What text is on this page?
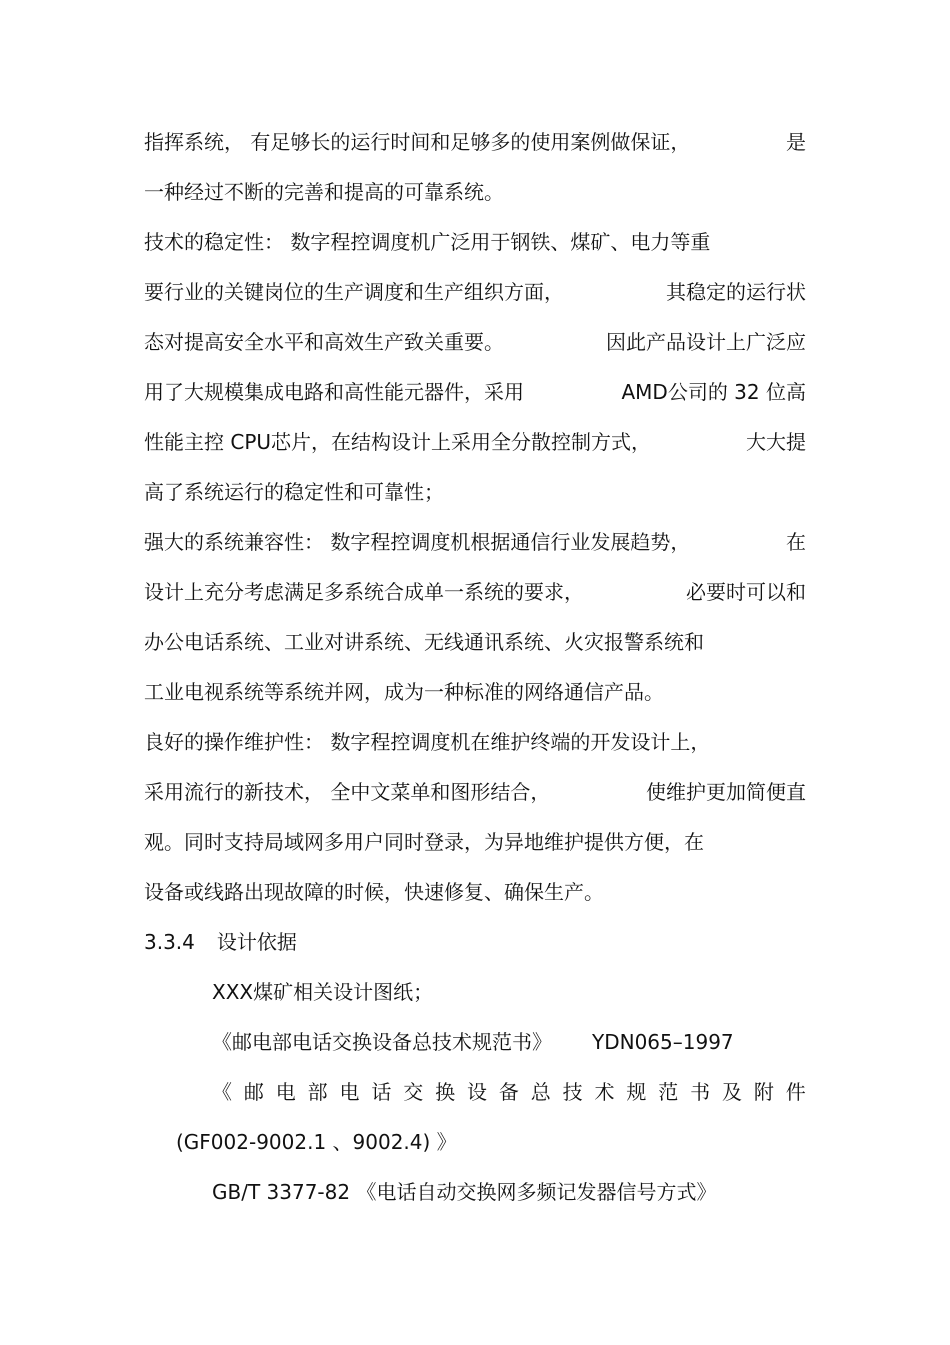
指挥系统， 有足够长的运行时间和足够多的使用案例做保证，	是
一种经过不断的完善和提高的可靠系统。
技术的稳定性： 数字程控调度机广泛用于钢铁、煤矿、电力等重
要行业的关键岗位的生产调度和生产组织方面，	其稳定的运行状
态对提高安全水平和高效生产致关重要。	因此产品设计上广泛应
用了大规模集成电路和高性能元器件，采用	AMD公司的 32 位高
性能主控 CPU芯片，在结构设计上采用全分散控制方式，	大大提
高了系统运行的稳定性和可靠性；
强大的系统兼容性： 数字程控调度机根据通信行业发展趋势，	在
设计上充分考虑满足多系统合成单一系统的要求，	必要时可以和
办公电话系统、工业对讲系统、无线通讯系统、火灾报警系统和
工业电视系统等系统并网，成为一种标准的网络通信产品。
良好的操作维护性： 数字程控调度机在维护终端的开发设计上，
采用流行的新技术， 全中文菜单和图形结合，	使维护更加简便直
观。同时支持局域网多用户同时登录，为异地维护提供方便，在
设备或线路出现故障的时候，快速修复、确保生产。
3.3.4 设计依据
XXX煤矿相关设计图纸；
《邮电部电话交换设备总技术规范书》 YDN065–1997
《 邮 电 部 电 话 交 换 设 备 总 技 术 规 范 书 及 附 件
(GF002-9002.1 、9002.4) 》
GB/T 3377-82 《电话自动交换网多频记发器信号方式》
